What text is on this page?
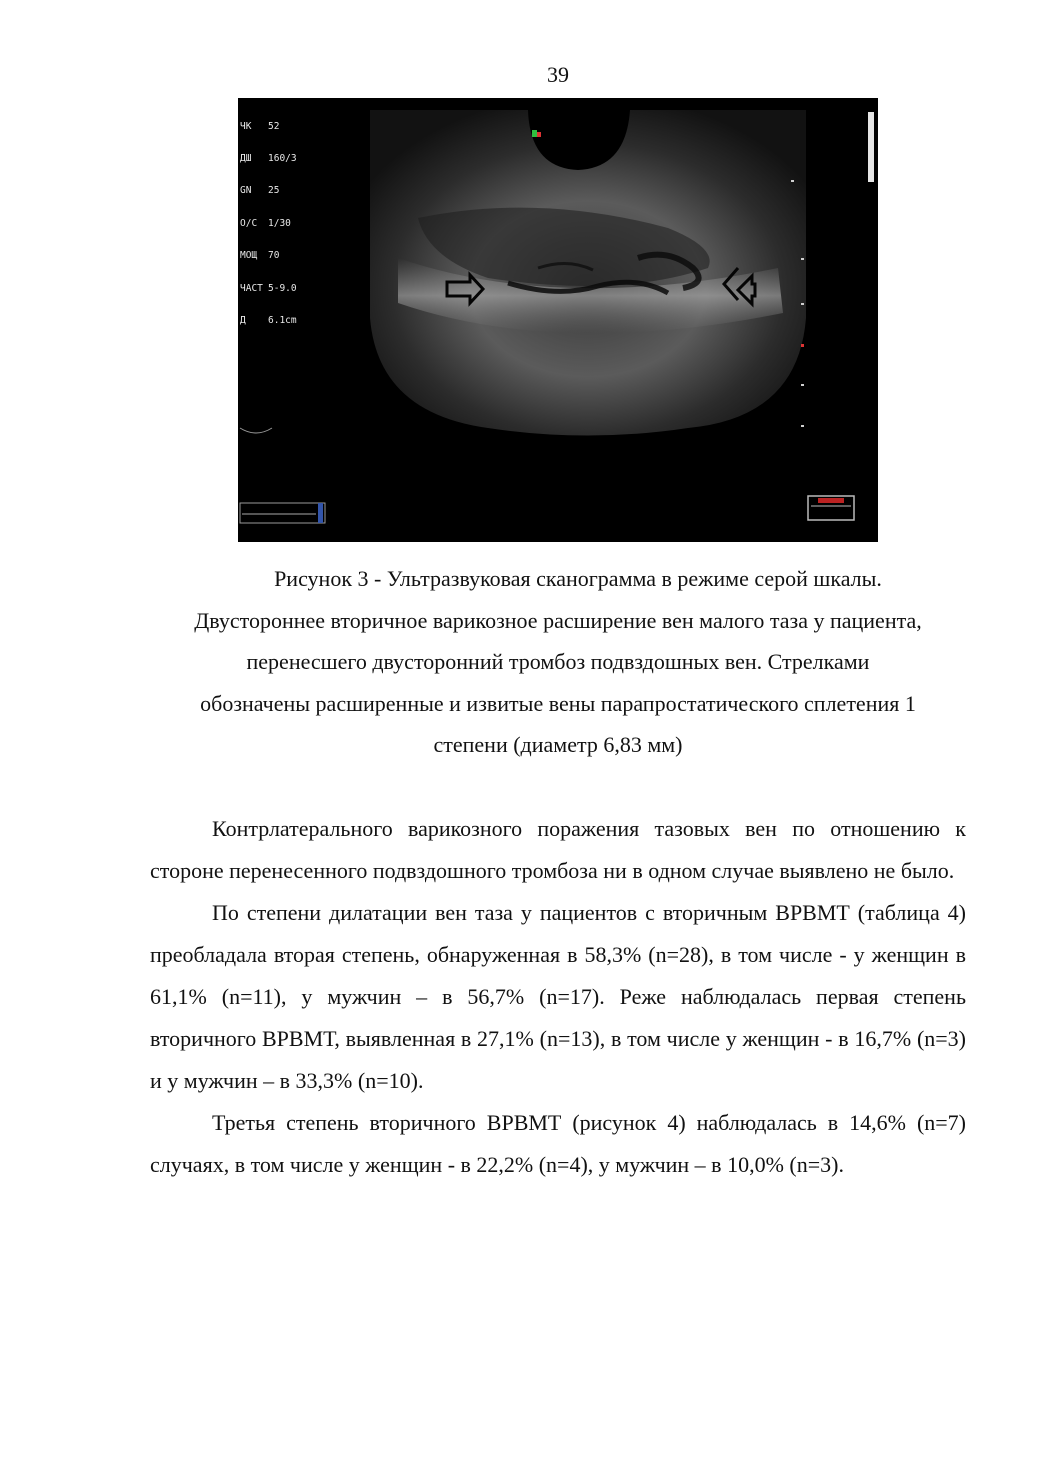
39

ЧК 52

ДШ 160/3

GN 25

О/С 1/30

МОЩ 70

ЧАСТ 5-9.0

Д 6.1cm

Рисунок 3 - Ультразвуковая сканограмма в режиме серой шкалы.
Двустороннее вторичное варикозное расширение вен малого таза у пациента,
перенесшего двусторонний тромбоз подвздошных вен. Стрелками
обозначены расширенные и извитые вены парапростатического сплетения 1
степени (диаметр 6,83 мм)

Контрлатерального варикозного поражения тазовых вен по отношению к стороне перенесенного подвздошного тромбоза ни в одном случае выявлено не было.

По степени дилатации вен таза у пациентов с вторичным ВРВМТ (таблица 4) преобладала вторая степень, обнаруженная в 58,3% (n=28), в том числе - у женщин в 61,1% (n=11), у мужчин – в 56,7% (n=17). Реже наблюдалась первая степень вторичного ВРВМТ, выявленная в 27,1% (n=13), в том числе у женщин - в 16,7% (n=3) и у мужчин – в 33,3% (n=10).

Третья степень вторичного ВРВМТ (рисунок 4) наблюдалась в 14,6% (n=7) случаях, в том числе у женщин - в 22,2% (n=4), у мужчин – в 10,0% (n=3).
